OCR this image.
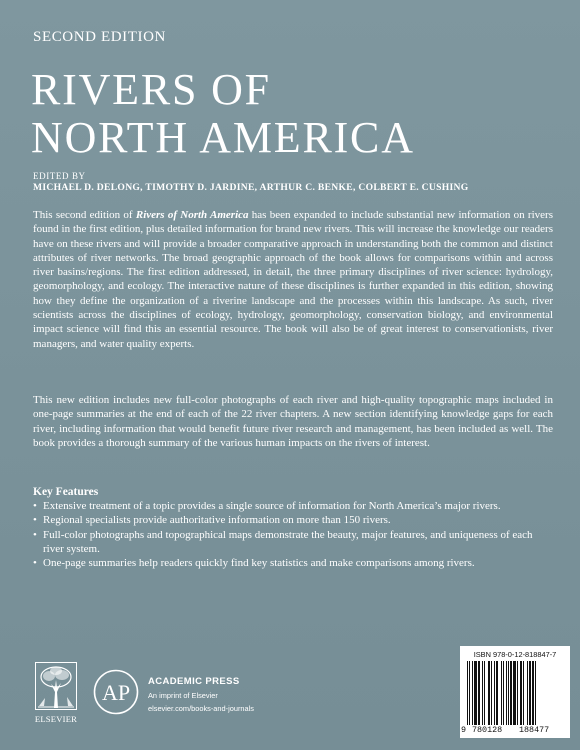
SECOND EDITION
RIVERS OF
NORTH AMERICA
EDITED BY
MICHAEL D. DELONG, TIMOTHY D. JARDINE, ARTHUR C. BENKE, COLBERT E. CUSHING

This second edition of Rivers of North America has been expanded to include substantial new information on rivers found in the first edition, plus detailed information for brand new rivers. This will increase the knowledge our readers have on these rivers and will provide a broader comparative approach in understanding both the common and distinct attributes of river networks. The broad geographic approach of the book allows for comparisons within and across river basins/regions. The first edition addressed, in detail, the three primary disciplines of river science: hydrology, geomorphology, and ecology. The interactive nature of these disciplines is further expanded in this edition, showing how they define the organization of a riverine landscape and the processes within this landscape. As such, river scientists across the disciplines of ecology, hydrology, geomorphology, conservation biology, and environmental impact science will find this an essential resource. The book will also be of great interest to conservationists, river managers, and water quality experts.

This new edition includes new full-color photographs of each river and high-quality topographic maps included in one-page summaries at the end of each of the 22 river chapters. A new section identifying knowledge gaps for each river, including information that would benefit future river research and management, has been included as well. The book provides a thorough summary of the various human impacts on the rivers of interest.

Key Features
• Extensive treatment of a topic provides a single source of information for North America’s major rivers.
• Regional specialists provide authoritative information on more than 150 rivers.
• Full-color photographs and topographical maps demonstrate the beauty, major features, and uniqueness of each river system.
• One-page summaries help readers quickly find key statistics and make comparisons among rivers.
ELSEVIER
AP ACADEMIC PRESS
An imprint of Elsevier
elsevier.com/books-and-journals
ISBN 978-0-12-818847-7
9 780128 188477
